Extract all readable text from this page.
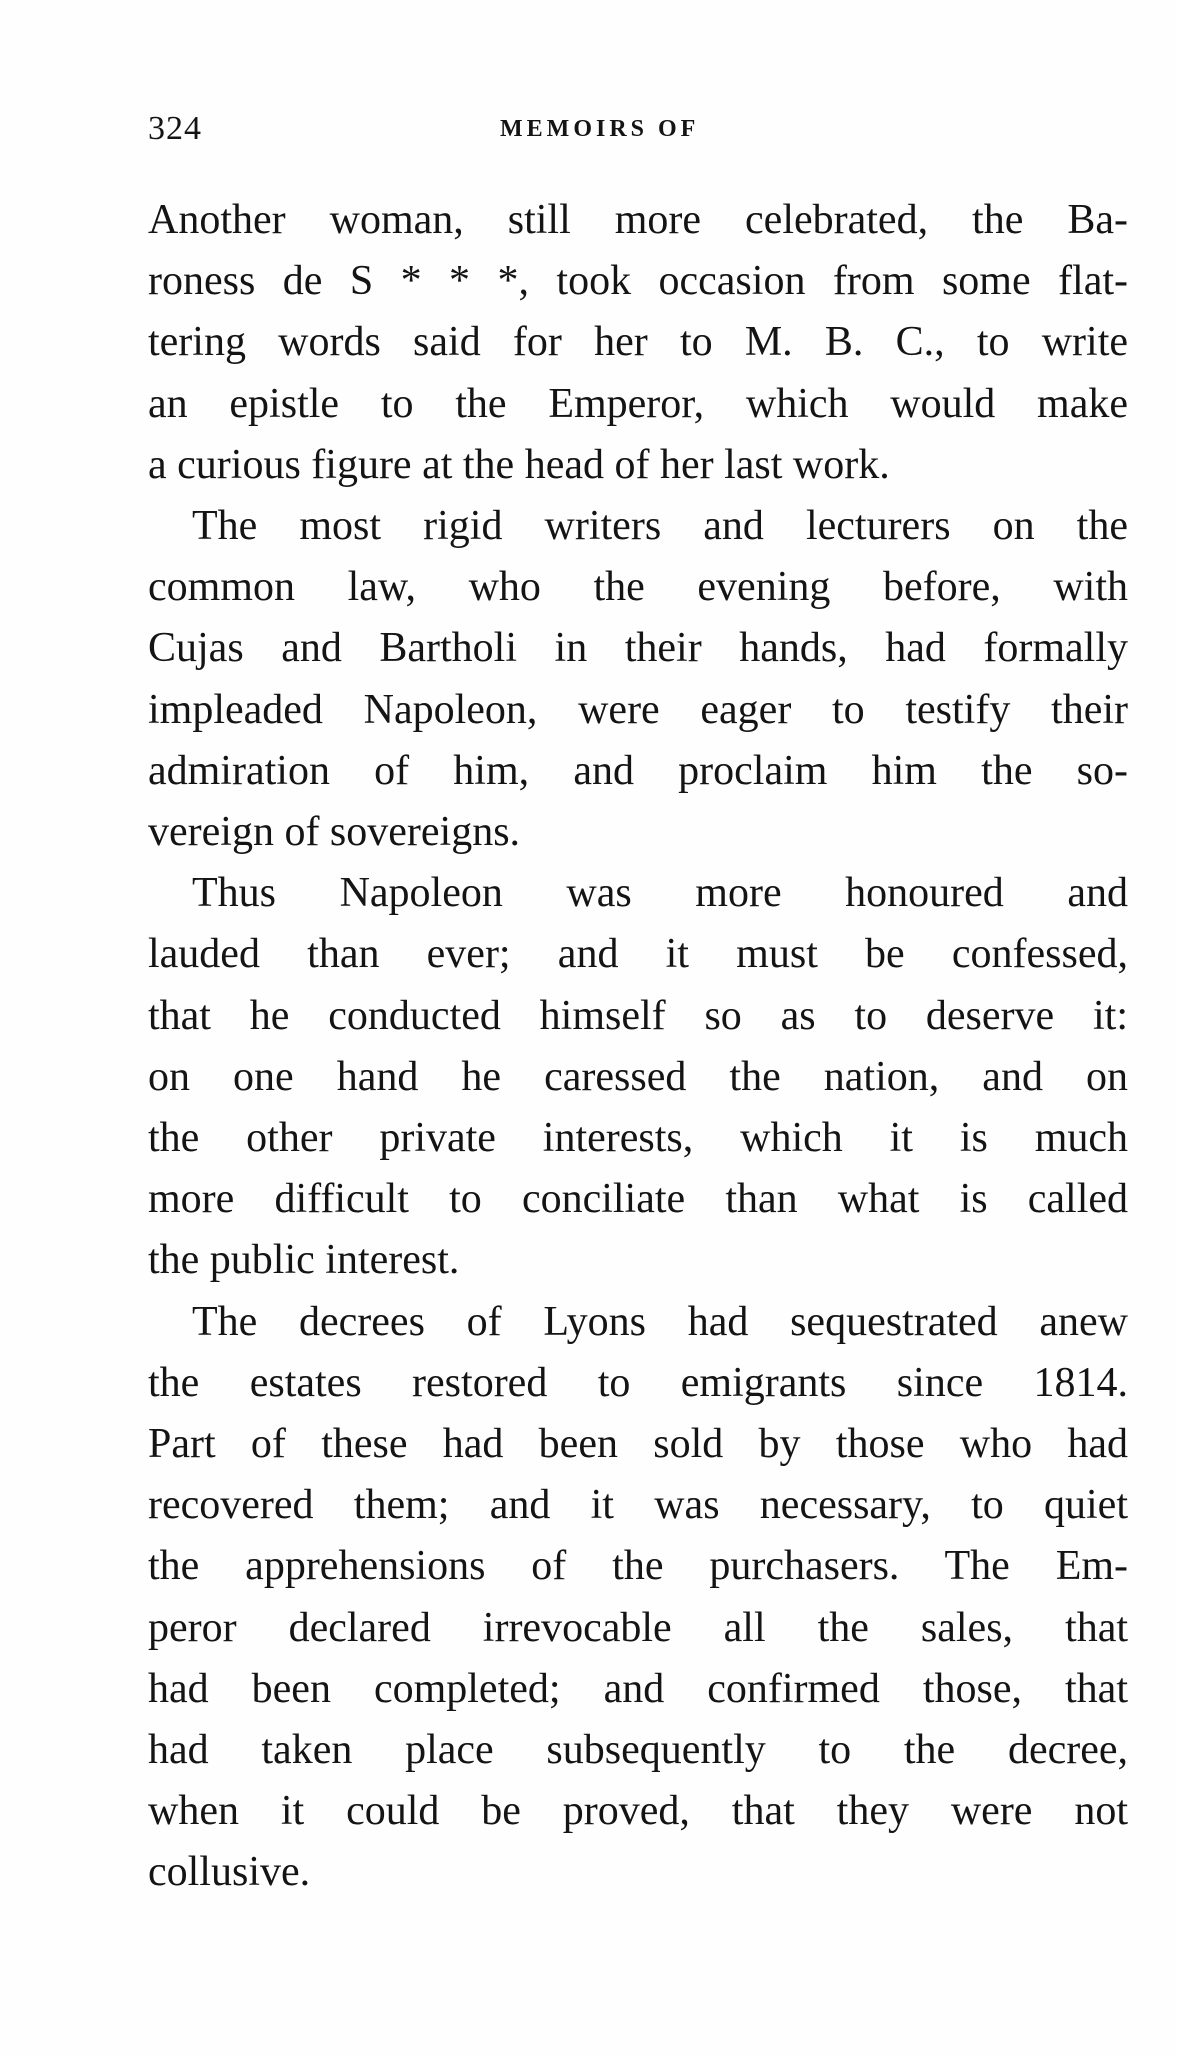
324	MEMOIRS OF

Another woman, still more celebrated, the Ba-
roness de S * * *, took occasion from some flat-
tering words said for her to M. B. C., to write
an epistle to the Emperor, which would make
a curious figure at the head of her last work.

The most rigid writers and lecturers on the
common law, who the evening before, with
Cujas and Bartholi in their hands, had formally
impleaded Napoleon, were eager to testify their
admiration of him, and proclaim him the so-
vereign of sovereigns.

Thus Napoleon was more honoured and
lauded than ever; and it must be confessed,
that he conducted himself so as to deserve it:
on one hand he caressed the nation, and on
the other private interests, which it is much
more difficult to conciliate than what is called
the public interest.

The decrees of Lyons had sequestrated anew
the estates restored to emigrants since 1814.
Part of these had been sold by those who had
recovered them; and it was necessary, to quiet
the apprehensions of the purchasers. The Em-
peror declared irrevocable all the sales, that
had been completed; and confirmed those, that
had taken place subsequently to the decree,
when it could be proved, that they were not
collusive.
